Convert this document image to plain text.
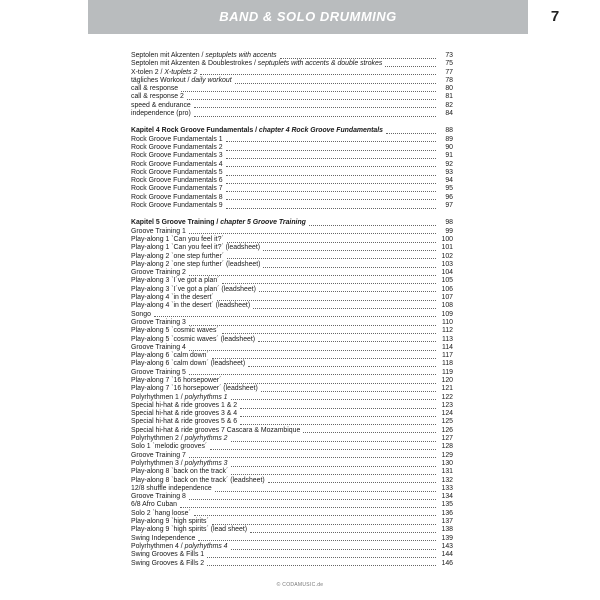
BAND & SOLO DRUMMING	7
Septolen mit Akzenten / septuplets with accents	73
Septolen mit Akzenten & Doublestrokes / septuplets with accents & double strokes	75
X-tolen 2 / X-tuplets 2	77
tägliches Workout / daily workout	78
call & response	80
call & response 2	81
speed & endurance	82
independence (pro)	84
Kapitel 4 Rock Groove Fundamentals / chapter 4 Rock Groove Fundamentals	88
Rock Groove Fundamentals 1	89
Rock Groove Fundamentals 2	90
Rock Groove Fundamentals 3	91
Rock Groove Fundamentals 4	92
Rock Groove Fundamentals 5	93
Rock Groove Fundamentals 6	94
Rock Groove Fundamentals 7	95
Rock Groove Fundamentals 8	96
Rock Groove Fundamentals 9	97
Kapitel 5 Groove Training / chapter 5 Groove Training	98
Groove Training 1	99
Play-along 1 `Can you feel it?´	100
Play-along 1 `Can you feel it?´ (leadsheet)	101
Play-along 2 `one step further´	102
Play-along 2 `one step further´ (leadsheet)	103
Groove Training 2	104
Play-along 3 `I´ve got a plan´	105
Play-along 3 `I´ve got a plan´ (leadsheet)	106
Play-along 4 `in the desert´	107
Play-along 4 `in the desert´ (leadsheet)	108
Songo	109
Groove Training 3	110
Play-along 5 `cosmic waves´	112
Play-along 5 `cosmic waves´ (leadsheet)	113
Groove Training 4	114
Play-along 6 `calm down´	117
Play-along 6 `calm down´ (leadsheet)	118
Groove Training 5	119
Play-along 7 `16 horsepower´	120
Play-along 7 `16 horsepower´ (leadsheet)	121
Polyrhythmen 1 / polyrhythms 1	122
Special hi-hat & ride grooves 1 & 2	123
Special hi-hat & ride grooves 3 & 4	124
Special hi-hat & ride grooves 5 & 6	125
Special hi-hat & ride grooves 7 Cascara & Mozambique	126
Polyrhythmen 2 / polyrhythms 2	127
Solo 1 `melodic grooves´	128
Groove Training 7	129
Polyrhythmen 3 / polyrhythms 3	130
Play-along 8 `back on the track´	131
Play-along 8 `back on the track´ (leadsheet)	132
12/8 shuffle independence	133
Groove Training 8	134
6/8 Afro Cuban	135
Solo 2 `hang loose´	136
Play-along 9 `high spirits´	137
Play-along 9 `high spirits´ (lead sheet)	138
Swing Independence	139
Polyrhythmen 4 / polyrhythms 4	143
Swing Grooves & Fills 1	144
Swing Grooves & Fills 2	146
© CODAMUSIC.de
